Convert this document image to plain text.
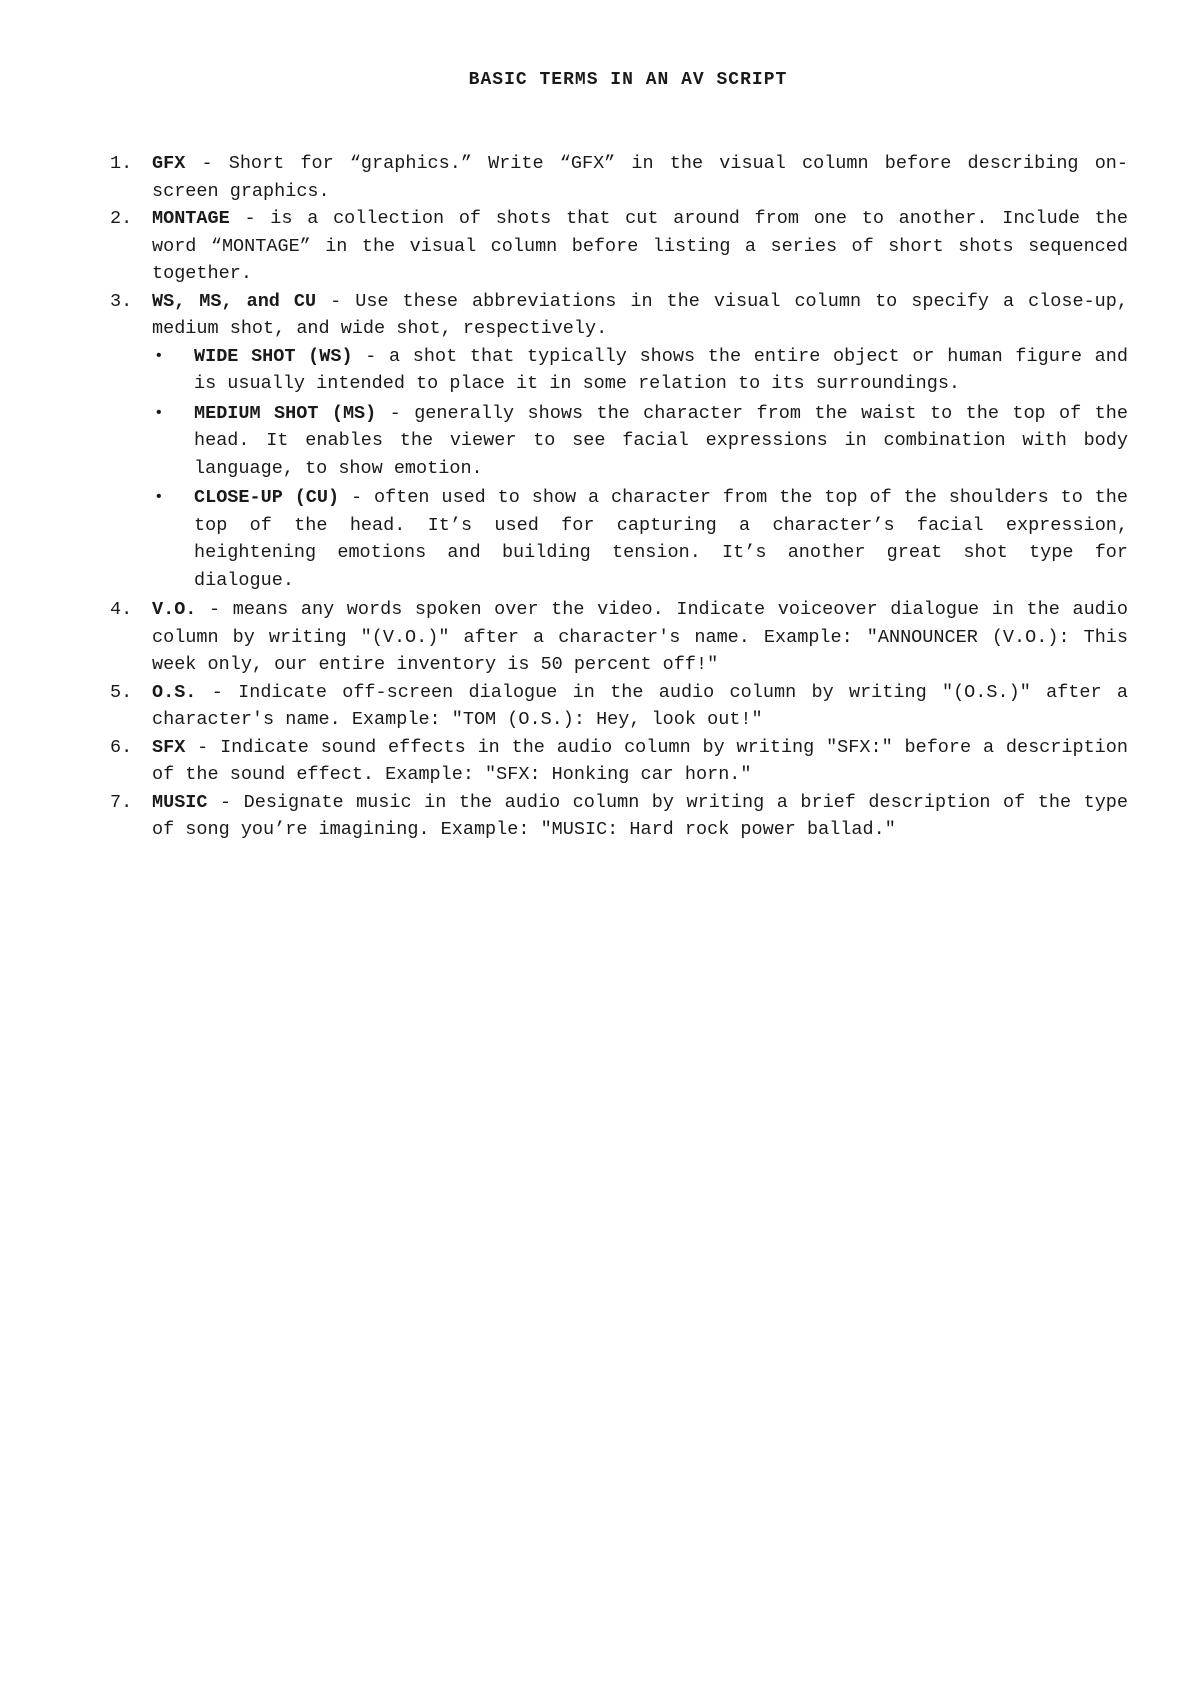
BASIC TERMS IN AN AV SCRIPT
1. GFX - Short for “graphics.” Write “GFX” in the visual column before describing on-screen graphics.
2. MONTAGE - is a collection of shots that cut around from one to another. Include the word “MONTAGE” in the visual column before listing a series of short shots sequenced together.
3. WS, MS, and CU - Use these abbreviations in the visual column to specify a close-up, medium shot, and wide shot, respectively.
• WIDE SHOT (WS) - a shot that typically shows the entire object or human figure and is usually intended to place it in some relation to its surroundings.
• MEDIUM SHOT (MS) - generally shows the character from the waist to the top of the head. It enables the viewer to see facial expressions in combination with body language, to show emotion.
• CLOSE-UP (CU) - often used to show a character from the top of the shoulders to the top of the head. It’s used for capturing a character’s facial expression, heightening emotions and building tension. It’s another great shot type for dialogue.
4. V.O. - means any words spoken over the video. Indicate voiceover dialogue in the audio column by writing "(V.O.)" after a character's name. Example: "ANNOUNCER (V.O.): This week only, our entire inventory is 50 percent off!"
5. O.S. - Indicate off-screen dialogue in the audio column by writing "(O.S.)" after a character's name. Example: "TOM (O.S.): Hey, look out!"
6. SFX - Indicate sound effects in the audio column by writing "SFX:" before a description of the sound effect. Example: "SFX: Honking car horn."
7. MUSIC - Designate music in the audio column by writing a brief description of the type of song you’re imagining. Example: "MUSIC: Hard rock power ballad."
